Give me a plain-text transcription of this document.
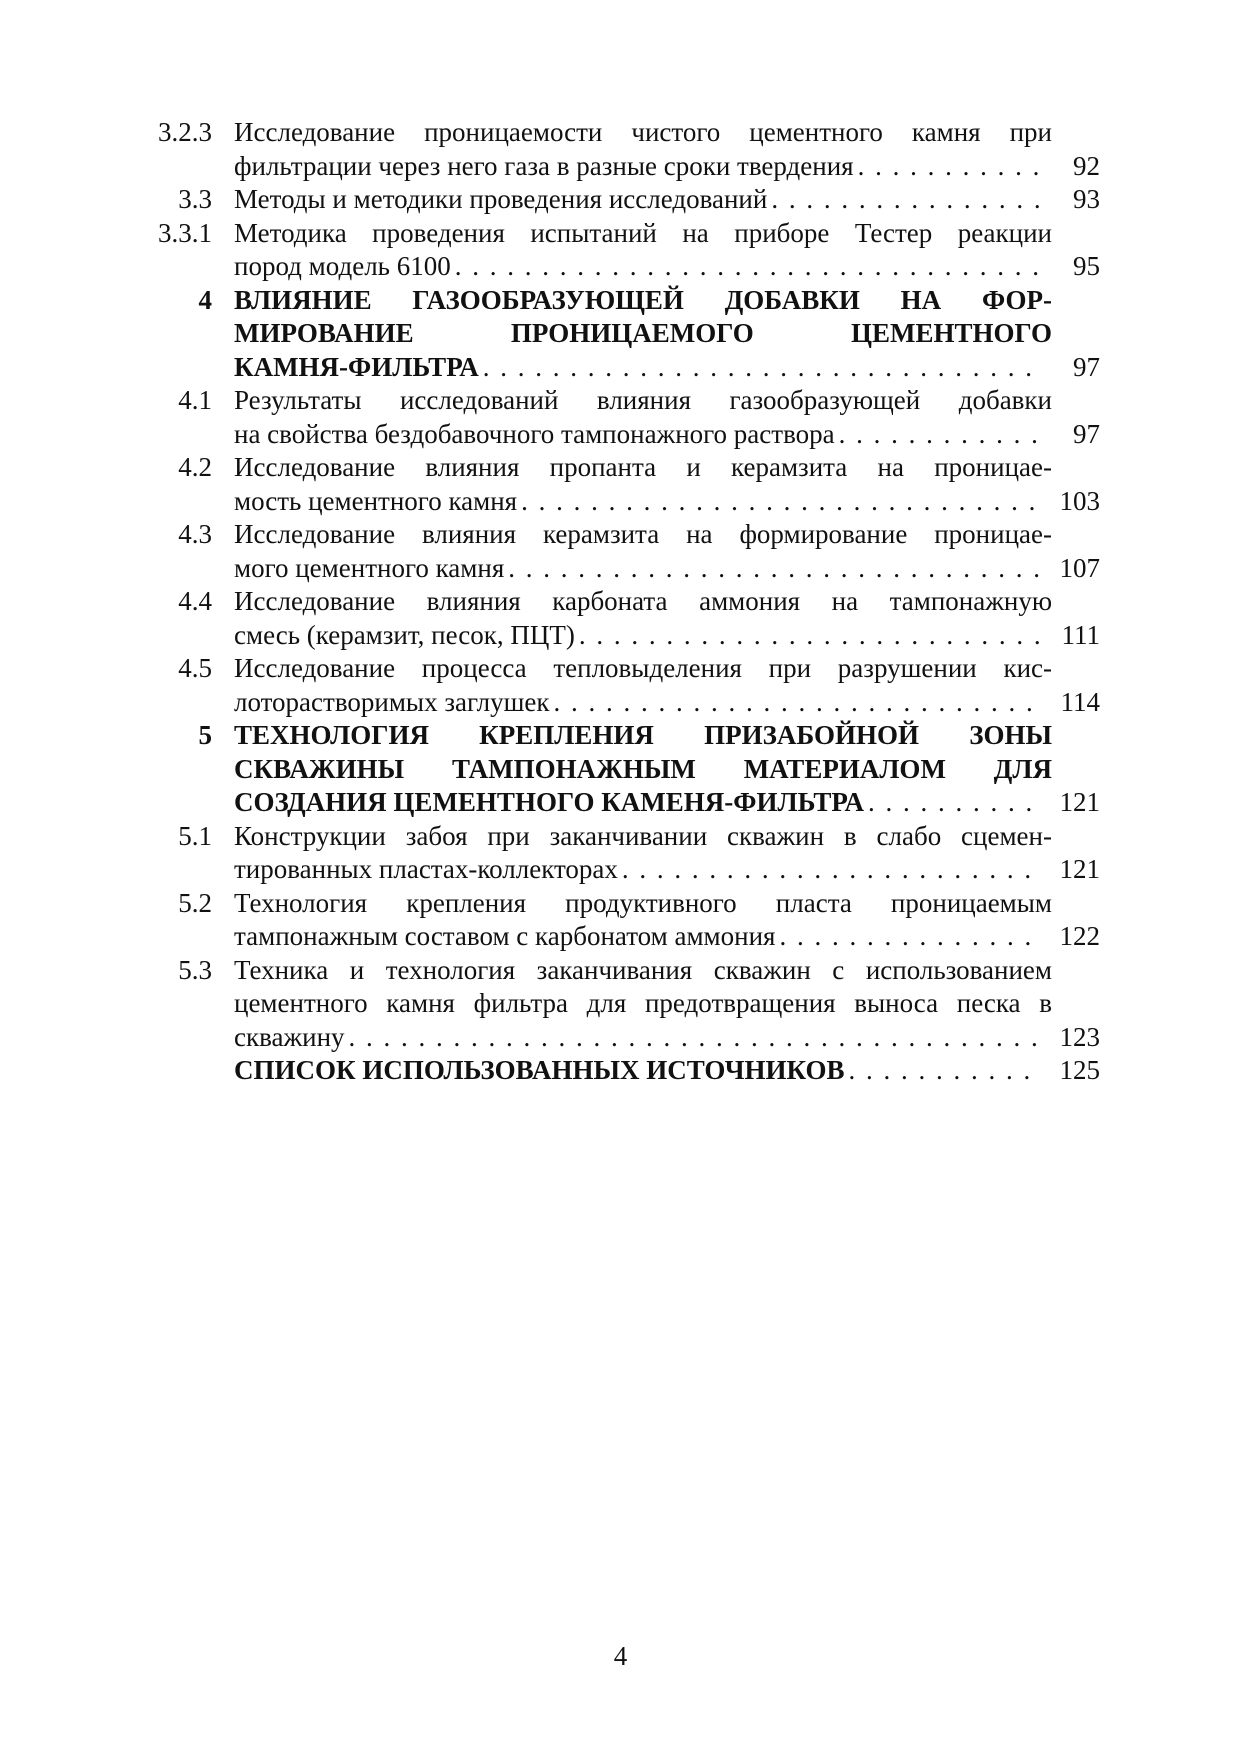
3.2.3 Исследование проницаемости чистого цементного камня при
фильтрации через него газа в разные сроки твердения . . .	92
3.3 Методы и методики проведения исследований . . .	93
3.3.1 Методика проведения испытаний на приборе Тестер реакции
пород модель 6100 . . .	95
4 ВЛИЯНИЕ ГАЗООБРАЗУЮЩЕЙ ДОБАВКИ НА ФОР-
МИРОВАНИЕ ПРОНИЦАЕМОГО ЦЕМЕНТНОГО
КАМНЯ-ФИЛЬТРА . . .	97
4.1 Результаты исследований влияния газообразующей добавки
на свойства бездобавочного тампонажного раствора . . .	97
4.2 Исследование влияния пропанта и керамзита на проницае-
мость цементного камня . . .	103
4.3 Исследование влияния керамзита на формирование проницае-
мого цементного камня . . .	107
4.4 Исследование влияния карбоната аммония на тампонажную
смесь (керамзит, песок, ПЦТ) . . .	111
4.5 Исследование процесса тепловыделения при разрушении кис-
лоторастворимых заглушек . . .	114
5 ТЕХНОЛОГИЯ КРЕПЛЕНИЯ ПРИЗАБОЙНОЙ ЗОНЫ
СКВАЖИНЫ ТАМПОНАЖНЫМ МАТЕРИАЛОМ ДЛЯ
СОЗДАНИЯ ЦЕМЕНТНОГО КАМЕНЯ-ФИЛЬТРА . . .	121
5.1 Конструкции забоя при заканчивании скважин в слабо сцемен-
тированных пластах-коллекторах . . .	121
5.2 Технология крепления продуктивного пласта проницаемым
тампонажным составом с карбонатом аммония . . .	122
5.3 Техника и технология заканчивания скважин с использованием
цементного камня фильтра для предотвращения выноса песка в
скважину . . .	123
СПИСОК ИСПОЛЬЗОВАННЫХ ИСТОЧНИКОВ . . .	125
4
